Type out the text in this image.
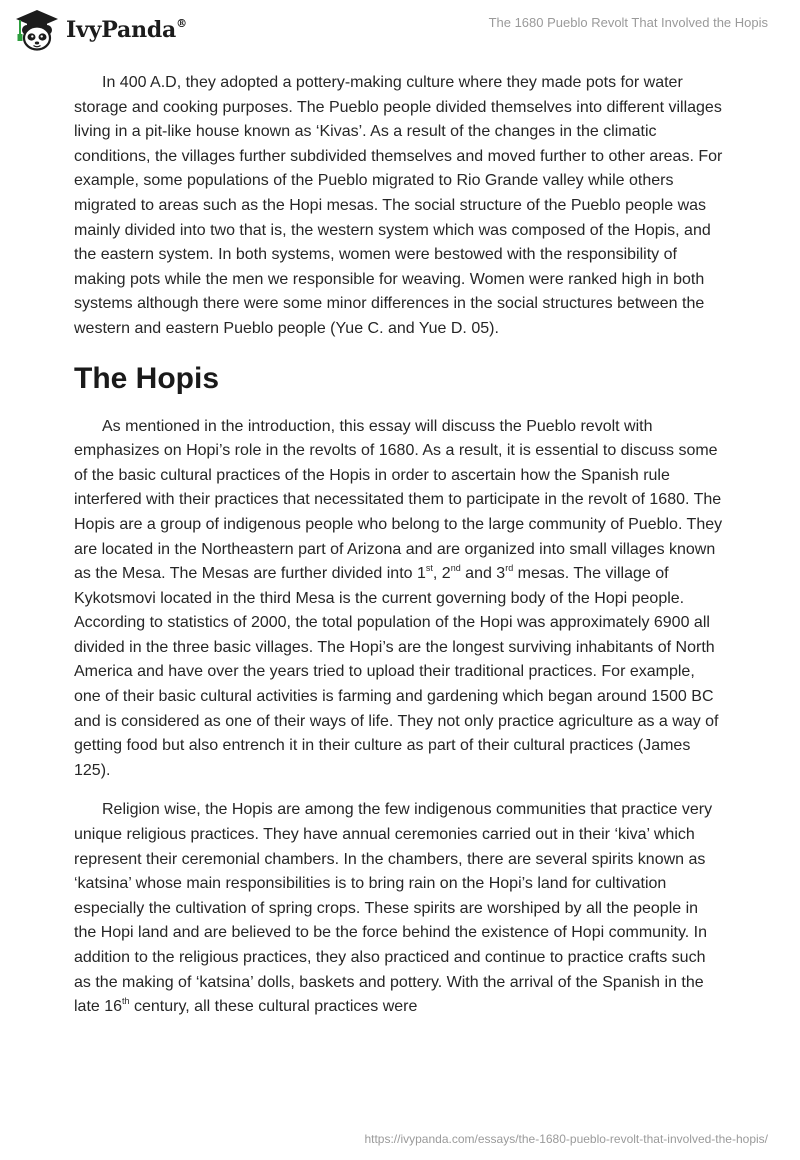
IvyPanda®	The 1680 Pueblo Revolt That Involved the Hopis

In 400 A.D, they adopted a pottery-making culture where they made pots for water storage and cooking purposes. The Pueblo people divided themselves into different villages living in a pit-like house known as ‘Kivas’. As a result of the changes in the climatic conditions, the villages further subdivided themselves and moved further to other areas. For example, some populations of the Pueblo migrated to Rio Grande valley while others migrated to areas such as the Hopi mesas. The social structure of the Pueblo people was mainly divided into two that is, the western system which was composed of the Hopis, and the eastern system. In both systems, women were bestowed with the responsibility of making pots while the men we responsible for weaving. Women were ranked high in both systems although there were some minor differences in the social structures between the western and eastern Pueblo people (Yue C. and Yue D. 05).

The Hopis

As mentioned in the introduction, this essay will discuss the Pueblo revolt with emphasizes on Hopi’s role in the revolts of 1680. As a result, it is essential to discuss some of the basic cultural practices of the Hopis in order to ascertain how the Spanish rule interfered with their practices that necessitated them to participate in the revolt of 1680. The Hopis are a group of indigenous people who belong to the large community of Pueblo. They are located in the Northeastern part of Arizona and are organized into small villages known as the Mesa. The Mesas are further divided into 1st, 2nd and 3rd mesas. The village of Kykotsmovi located in the third Mesa is the current governing body of the Hopi people. According to statistics of 2000, the total population of the Hopi was approximately 6900 all divided in the three basic villages. The Hopi’s are the longest surviving inhabitants of North America and have over the years tried to upload their traditional practices. For example, one of their basic cultural activities is farming and gardening which began around 1500 BC and is considered as one of their ways of life. They not only practice agriculture as a way of getting food but also entrench it in their culture as part of their cultural practices (James 125).

Religion wise, the Hopis are among the few indigenous communities that practice very unique religious practices. They have annual ceremonies carried out in their ‘kiva’ which represent their ceremonial chambers. In the chambers, there are several spirits known as ‘katsina’ whose main responsibilities is to bring rain on the Hopi’s land for cultivation especially the cultivation of spring crops. These spirits are worshiped by all the people in the Hopi land and are believed to be the force behind the existence of Hopi community. In addition to the religious practices, they also practiced and continue to practice crafts such as the making of ‘katsina’ dolls, baskets and pottery. With the arrival of the Spanish in the late 16th century, all these cultural practices were

https://ivypanda.com/essays/the-1680-pueblo-revolt-that-involved-the-hopis/
